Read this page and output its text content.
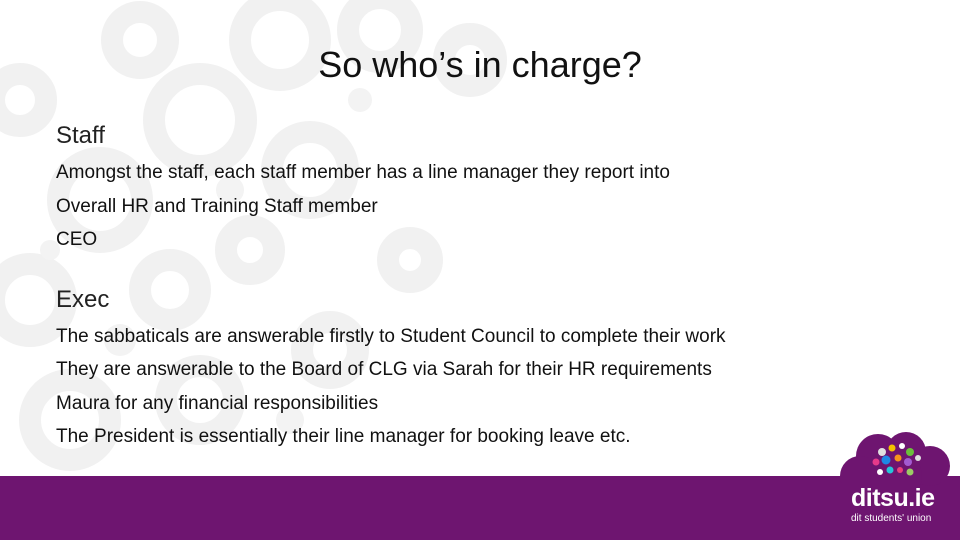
So who’s in charge?
Staff
Amongst the staff, each staff member has a line manager they report into
Overall HR and Training Staff member
CEO
Exec
The sabbaticals are answerable firstly to Student Council to complete their work
They are answerable to the Board of CLG via Sarah for their HR requirements
Maura for any financial responsibilities
The President is essentially their line manager for booking leave etc.
ditsu.ie
dit students' union
